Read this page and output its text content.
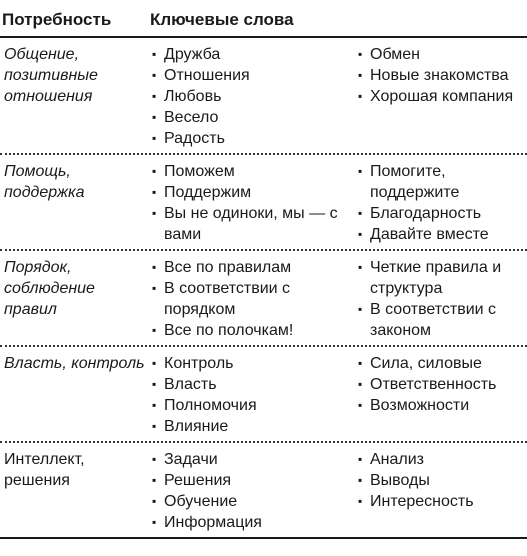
Потребность	Ключевые слова
Общение, позитивные отношения
▪ Дружба
▪ Отношения
▪ Любовь
▪ Весело
▪ Радость
▪ Обмен
▪ Новые знакомства
▪ Хорошая компания
Помощь, поддержка
▪ Поможем
▪ Поддержим
▪ Вы не одиноки, мы — с вами
▪ Помогите, поддержите
▪ Благодарность
▪ Давайте вместе
Порядок, соблюдение правил
▪ Все по правилам
▪ В соответствии с порядком
▪ Все по полочкам!
▪ Четкие правила и структура
▪ В соответствии с законом
Власть, контроль ▪ Контроль
▪ Власть
▪ Полномочия
▪ Влияние
▪ Сила, силовые
▪ Ответственность
▪ Возможности
Интеллект, решения
▪ Задачи
▪ Решения
▪ Обучение
▪ Информация
▪ Анализ
▪ Выводы
▪ Интересность
